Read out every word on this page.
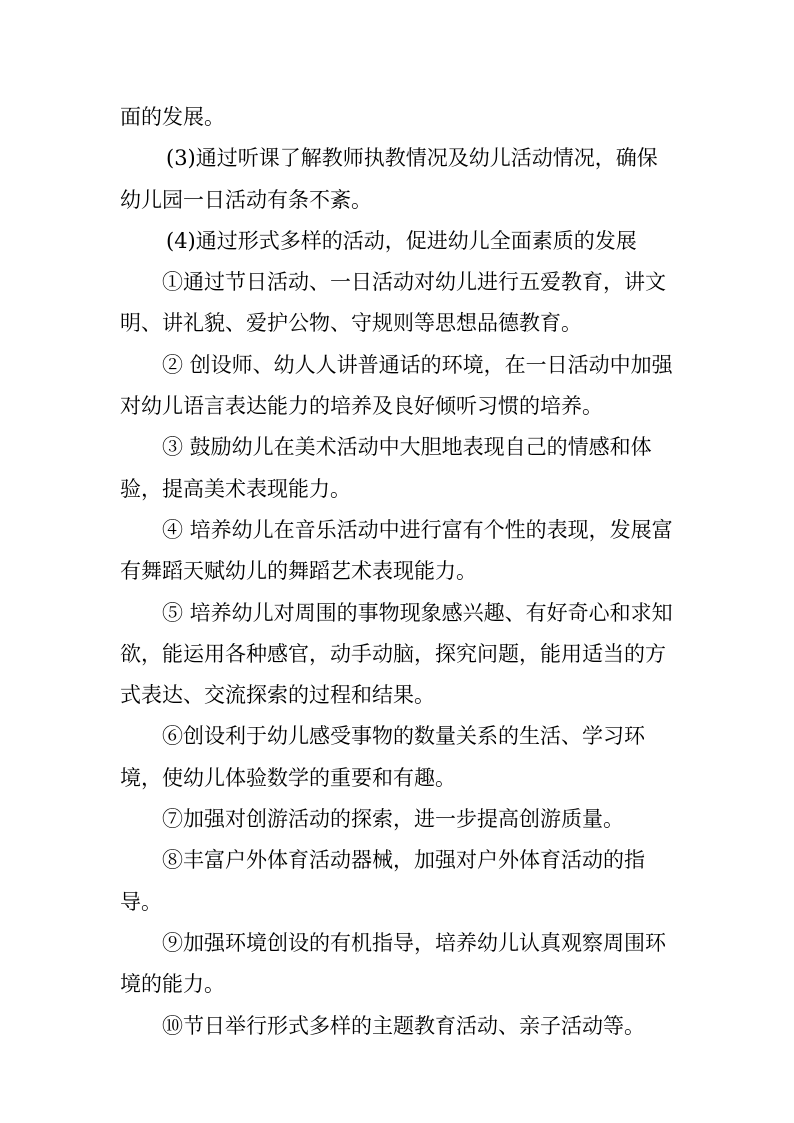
面的发展。

(3)通过听课了解教师执教情况及幼儿活动情况，确保幼儿园一日活动有条不紊。

(4)通过形式多样的活动，促进幼儿全面素质的发展

①通过节日活动、一日活动对幼儿进行五爱教育，讲文明、讲礼貌、爱护公物、守规则等思想品德教育。

② 创设师、幼人人讲普通话的环境，在一日活动中加强对幼儿语言表达能力的培养及良好倾听习惯的培养。

③ 鼓励幼儿在美术活动中大胆地表现自己的情感和体验，提高美术表现能力。

④ 培养幼儿在音乐活动中进行富有个性的表现，发展富有舞蹈天赋幼儿的舞蹈艺术表现能力。

⑤ 培养幼儿对周围的事物现象感兴趣、有好奇心和求知欲，能运用各种感官，动手动脑，探究问题，能用适当的方式表达、交流探索的过程和结果。

⑥创设利于幼儿感受事物的数量关系的生活、学习环境，使幼儿体验数学的重要和有趣。

⑦加强对创游活动的探索，进一步提高创游质量。

⑧丰富户外体育活动器械，加强对户外体育活动的指导。

⑨加强环境创设的有机指导，培养幼儿认真观察周围环境的能力。

⑩节日举行形式多样的主题教育活动、亲子活动等。
